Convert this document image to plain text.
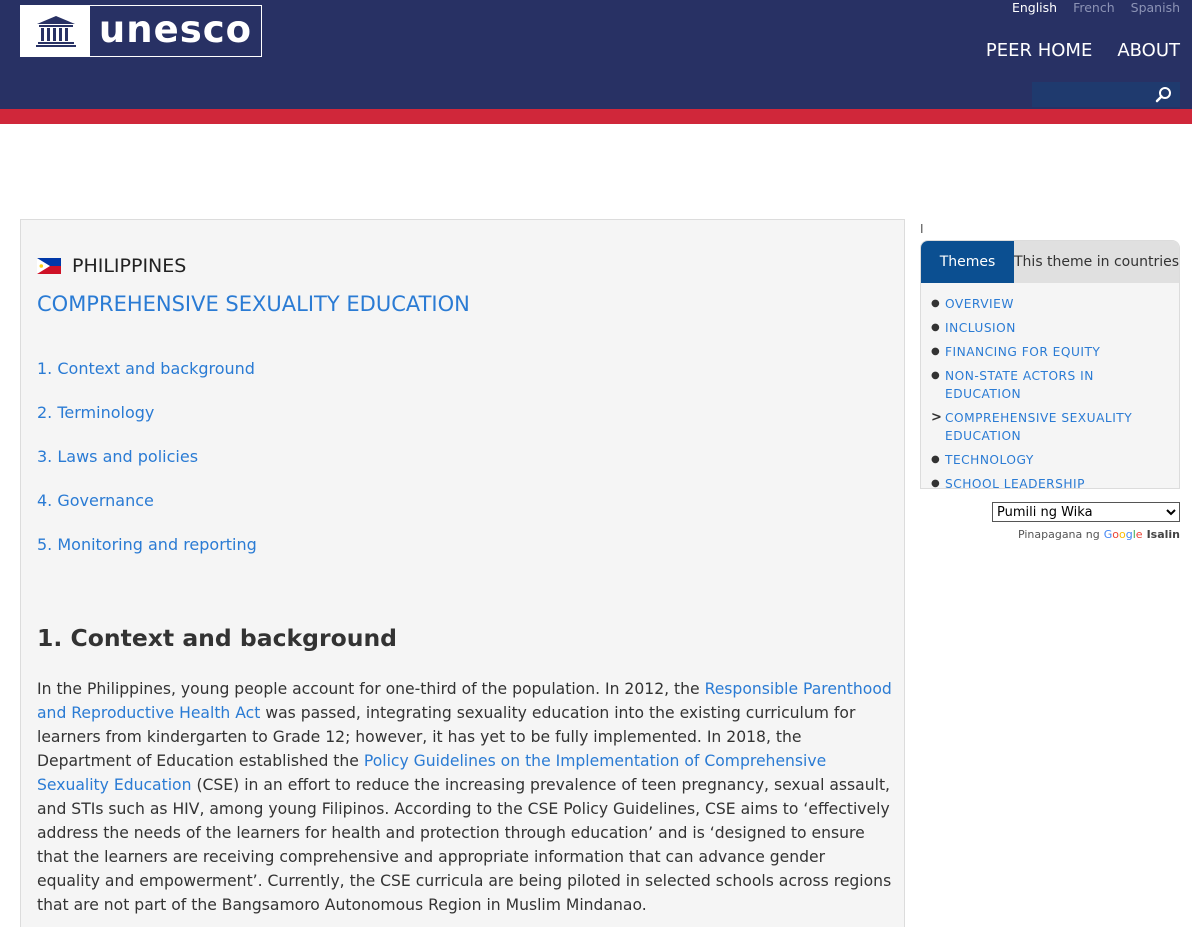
unesco	English French Spanish
PEER HOME ABOUT
PHILIPPINES
COMPREHENSIVE SEXUALITY EDUCATION
1. Context and background
2. Terminology
3. Laws and policies
4. Governance
5. Monitoring and reporting
1. Context and background

In the Philippines, young people account for one-third of the population. In 2012, the Responsible Parenthood and Reproductive Health Act was passed, integrating sexuality education into the existing curriculum for learners from kindergarten to Grade 12; however, it has yet to be fully implemented. In 2018, the Department of Education established the Policy Guidelines on the Implementation of Comprehensive Sexuality Education (CSE) in an effort to reduce the increasing prevalence of teen pregnancy, sexual assault, and STIs such as HIV, among young Filipinos. According to the CSE Policy Guidelines, CSE aims to ‘effectively address the needs of the learners for health and protection through education’ and is ‘designed to ensure that the learners are receiving comprehensive and appropriate information that can advance gender equality and empowerment’. Currently, the CSE curricula are being piloted in selected schools across regions that are not part of the Bangsamoro Autonomous Region in Muslim Mindanao.

I
Themes	This theme in countries
● OVERVIEW
● INCLUSION
● FINANCING FOR EQUITY
● NON-STATE ACTORS IN EDUCATION
> COMPREHENSIVE SEXUALITY EDUCATION
● TECHNOLOGY
● SCHOOL LEADERSHIP
Pumili ng Wika
Pinapagana ng Google Isalin
